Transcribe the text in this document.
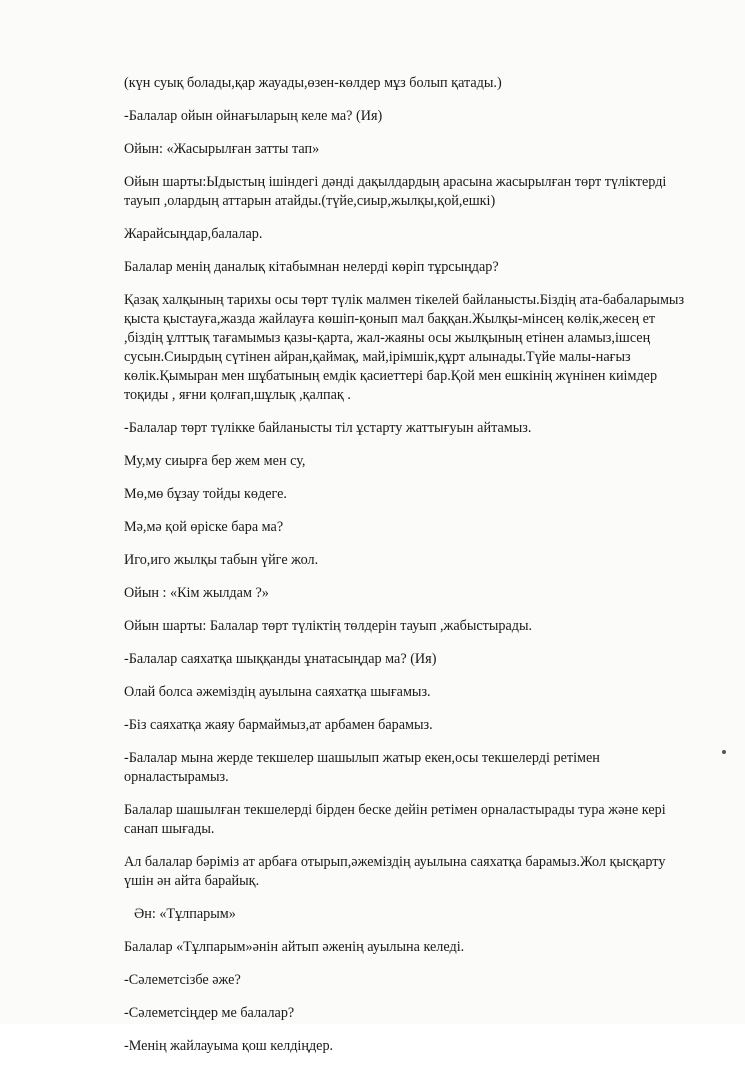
(күн суық болады,қар жауады,өзен-көлдер мұз болып қатады.)

-Балалар ойын ойнағыларың келе ма? (Ия)

Ойын: «Жасырылған затты тап»

Ойын шарты:Ыдыстың ішіндегі дәнді дақылдардың арасына жасырылған төрт түліктерді тауып ,олардың аттарын атайды.(түйе,сиыр,жылқы,қой,ешкі)

Жарайсыңдар,балалар.

Балалар менің даналық кітабымнан нелерді көріп тұрсыңдар?

Қазақ халқының тарихы осы төрт түлік малмен тікелей байланысты.Біздің ата-бабаларымыз қыста қыстауға,жазда жайлауға көшіп-қонып мал баққан.Жылқы-мінсең көлік,жесең ет ,біздің ұлттық тағамымыз қазы-қарта, жал-жаяны осы жылқының етінен аламыз,ішсең сусын.Сиырдың сүтінен айран,қаймақ, май,ірімшік,құрт алынады.Түйе малы-нағыз көлік.Қымыран мен шұбатының емдік қасиеттері бар.Қой мен ешкінің жүнінен киімдер тоқиды , яғни қолғап,шұлық ,қалпақ .

-Балалар төрт түлікке байланысты тіл ұстарту жаттығуын айтамыз.

Му,му сиырға бер жем мен су,

Мө,мө бұзау тойды көдеге.

Мә,мә қой өріске бара ма?

Иго,иго жылқы табын үйге жол.

Ойын : «Кім жылдам ?»

Ойын шарты: Балалар төрт түліктің төлдерін тауып ,жабыстырады.

-Балалар саяхатқа шыққанды ұнатасыңдар ма? (Ия)

Олай болса әжеміздің ауылына саяхатқа шығамыз.

-Біз саяхатқа жаяу бармаймыз,ат арбамен барамыз.

-Балалар мына жерде текшелер шашылып жатыр екен,осы текшелерді ретімен орналастырамыз.

Балалар шашылған текшелерді бірден беске дейін ретімен орналастырады тура және кері санап шығады.

Ал балалар бәріміз ат арбаға отырып,әжеміздің ауылына саяхатқа барамыз.Жол қысқарту үшін ән айта барайық.

Ән: «Тұлпарым»

Балалар «Тұлпарым»әнін айтып әженің ауылына келеді.

-Сәлеметсізбе әже?

-Сәлеметсіңдер ме балалар?

-Менің жайлауыма қош келдіңдер.
